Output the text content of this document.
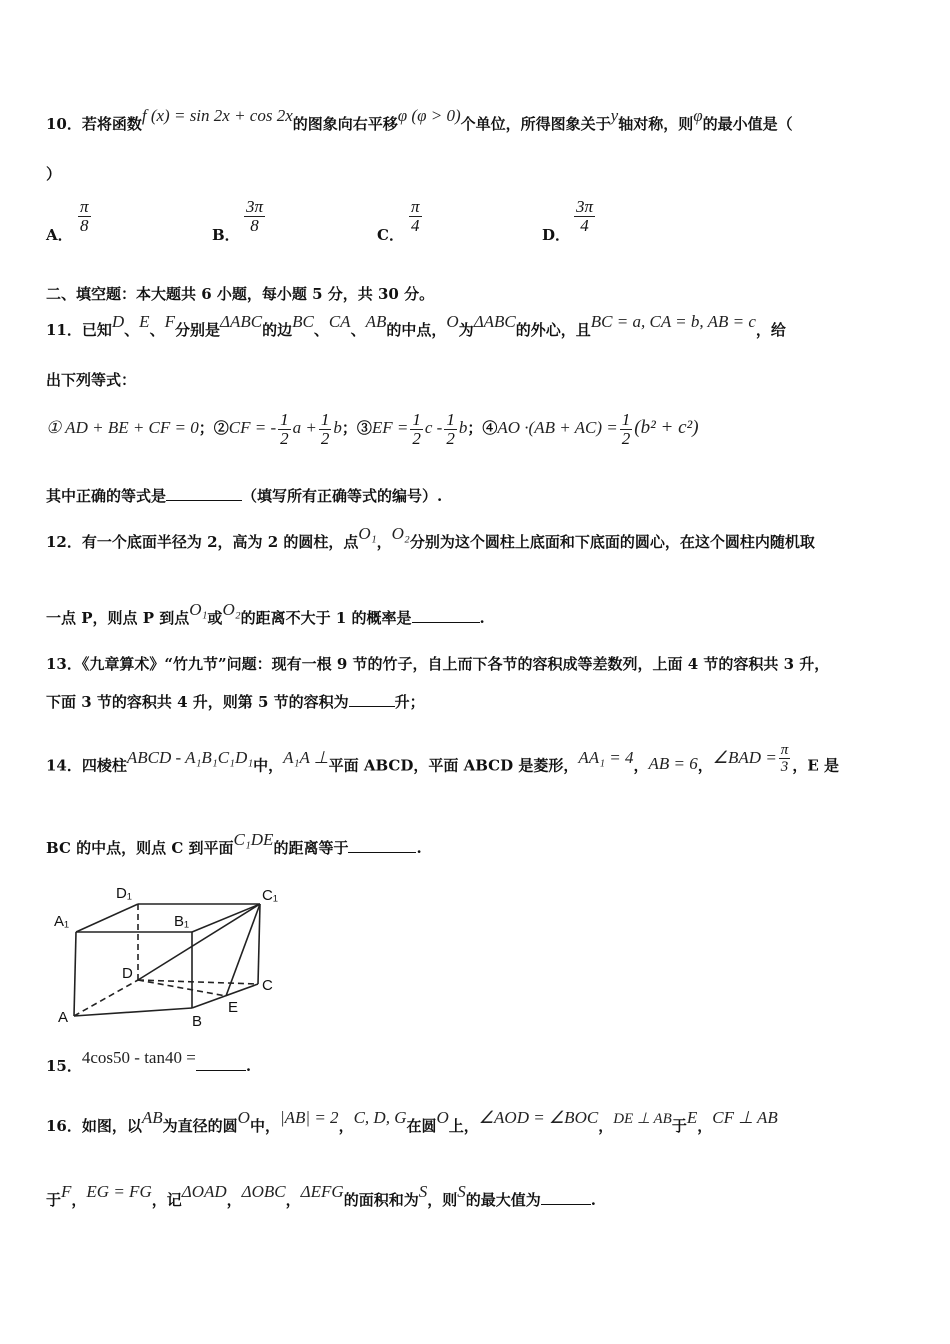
10．若将函数f (x) = sin 2x + cos 2x的图象向右平移φ (φ > 0)个单位，所得图象关于y轴对称，则φ的最小值是（
）
A． $\frac{\pi}{8}$	B． $\frac{3\pi}{8}$	C． $\frac{\pi}{4}$	D． $\frac{3\pi}{4}$
二、填空题：本大题共 6 小题，每小题 5 分，共 30 分。
11．已知D、E、F分别是ΔABC的边BC、CA、AB的中点，O为ΔABC的外心，且BC = a, CA = b, AB = c，给
出下列等式：
① AD + BE + CF = 0；②CF = - $\frac{1}{2}$ $a + \frac{1}{2}$ b；③EF = $\frac{1}{2}$ c - $\frac{1}{2}$ b；④AO $\cdot(AB + AC) = \frac{1}{2} (b^2 + c^2)$
其中正确的等式是	（填写所有正确等式的编号）.
12．有一个底面半径为 2，高为 2 的圆柱，点O₁，O₂分别为这个圆柱上底面和下底面的圆心，在这个圆柱内随机取
一点 P，则点 P 到点O₁或O₂的距离不大于 1 的概率是	.
13．《九章算术》“竹九节”问题：现有一根 9 节的竹子，自上而下各节的容积成等差数列，上面 4 节的容积共 3 升，
下面 3 节的容积共 4 升，则第 5 节的容积为	升；
14．四棱柱ABCD - A₁B₁C₁D₁中，A₁A ⊥平面 ABCD，平面 ABCD 是菱形，AA₁ = 4，AB = 6，∠BAD = $\frac{\pi}{3}$ ，E 是
BC 的中点，则点 C 到平面C₁DE的距离等于	.
A₁
D₁
B₁
C₁
D
C
E
B
A
15．4cos50 - tan40 =	.
16．如图，以AB为直径的圆O中，|AB| = 2，C, D, G在圆O上，∠AOD = ∠BOC，DE ⊥ AB于E，CF ⊥ AB
于F，EG = FG，记ΔOAD，ΔOBC，ΔEFG的面积和为S，则S的最大值为	.
